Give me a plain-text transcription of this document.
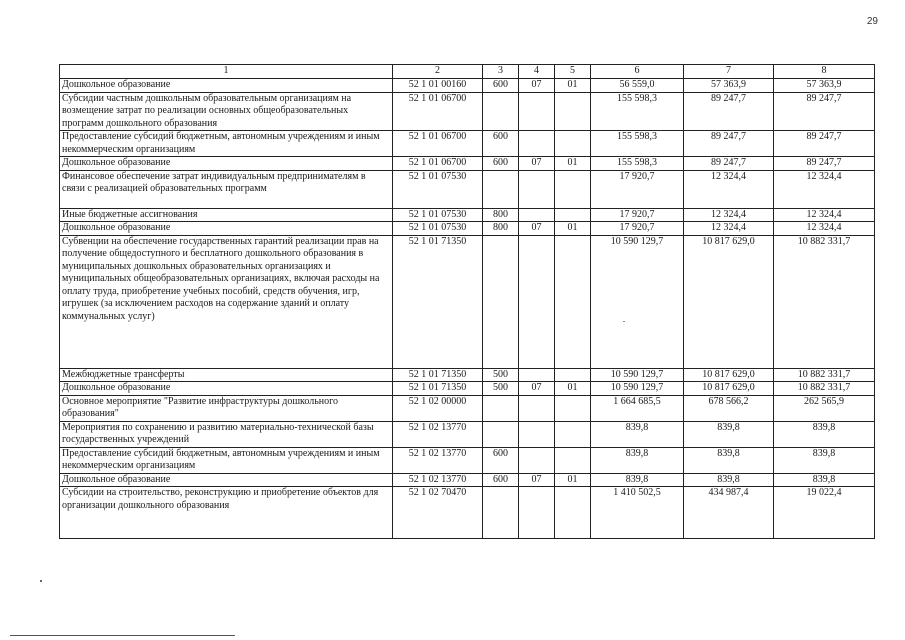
29
1	2	3	4	5	6	7	8
Дошкольное образование	52 1 01 00160	600	07	01	56 559,0	57 363,9	57 363,9
Субсидии частным дошкольным образовательным организациям на возмещение затрат по реализации основных общеобразовательных программ дошкольного образования	52 1 01 06700				155 598,3	89 247,7	89 247,7
Предоставление субсидий бюджетным, автономным учреждениям и иным некоммерческим организациям	52 1 01 06700	600			155 598,3	89 247,7	89 247,7
Дошкольное образование	52 1 01 06700	600	07	01	155 598,3	89 247,7	89 247,7
Финансовое обеспечение затрат индивидуальным предпринимателям в связи с реализацией образовательных программ	52 1 01 07530				17 920,7	12 324,4	12 324,4
Иные бюджетные ассигнования	52 1 01 07530	800			17 920,7	12 324,4	12 324,4
Дошкольное образование	52 1 01 07530	800	07	01	17 920,7	12 324,4	12 324,4
Субвенции на обеспечение государственных гарантий реализации прав на получение общедоступного и бесплатного дошкольного образования в муниципальных дошкольных образовательных организациях и муниципальных общеобразовательных организациях, включая расходы на оплату труда, приобретение учебных пособий, средств обучения, игр, игрушек (за исключением расходов на содержание зданий и оплату коммунальных услуг)	52 1 01 71350				10 590 129,7	10 817 629,0	10 882 331,7
Межбюджетные трансферты	52 1 01 71350	500			10 590 129,7	10 817 629,0	10 882 331,7
Дошкольное образование	52 1 01 71350	500	07	01	10 590 129,7	10 817 629,0	10 882 331,7
Основное мероприятие "Развитие инфраструктуры дошкольного образования"	52 1 02 00000				1 664 685,5	678 566,2	262 565,9
Мероприятия по сохранению и развитию материально-технической базы государственных учреждений	52 1 02 13770				839,8	839,8	839,8
Предоставление субсидий бюджетным, автономным учреждениям и иным некоммерческим организациям	52 1 02 13770	600			839,8	839,8	839,8
Дошкольное образование	52 1 02 13770	600	07	01	839,8	839,8	839,8
Субсидии на строительство, реконструкцию и приобретение объектов для организации дошкольного образования	52 1 02 70470				1 410 502,5	434 987,4	19 022,4
